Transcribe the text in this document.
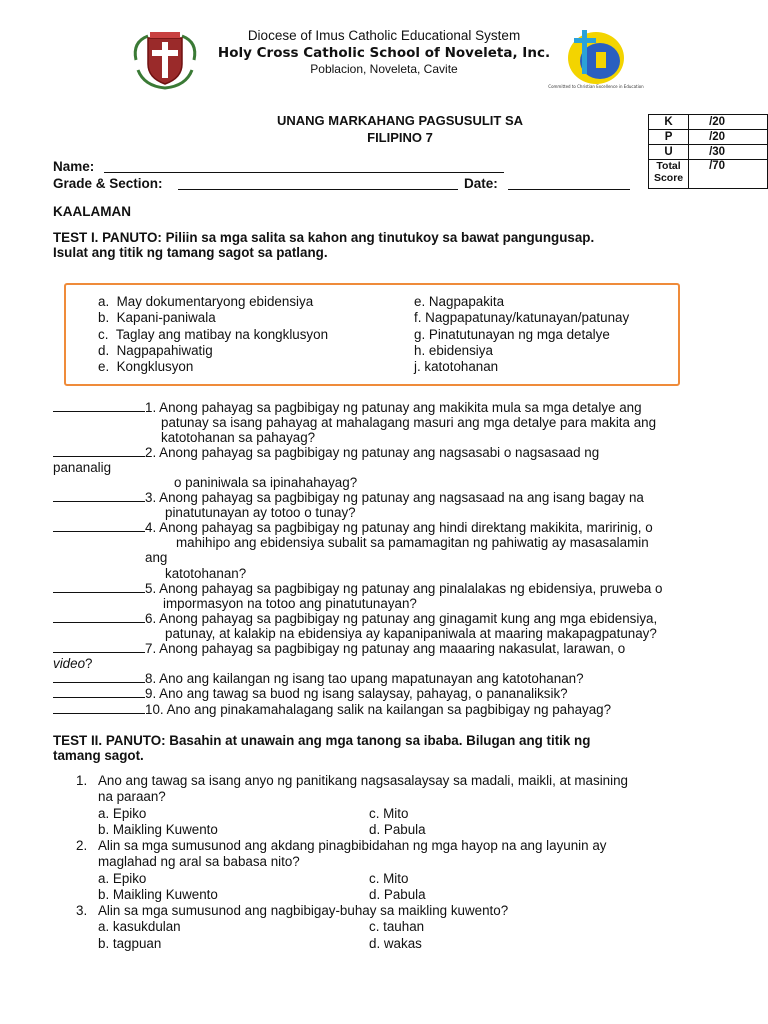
Committed to Christian Excellence in Education
Diocese of Imus Catholic Educational System
Holy Cross Catholic School of Noveleta, Inc.
Poblacion, Noveleta, Cavite
UNANG MARKAHANG PAGSUSULIT SA
FILIPINO 7
K	/20
P	/20
U	/30
Total Score	/70
Name:
Grade & Section:	Date:
KAALAMAN
TEST I. PANUTO: Piliin sa mga salita sa kahon ang tinutukoy sa bawat pangungusap.
Isulat ang titik ng tamang sagot sa patlang.
a. May dokumentaryong ebidensiya
b. Kapani-paniwala
c. Taglay ang matibay na kongklusyon
d. Nagpapahiwatig
e. Kongklusyon
e. Nagpapakita
f. Nagpapatunay/katunayan/patunay
g. Pinatutunayan ng mga detalye
h. ebidensiya
j. katotohanan
1. Anong pahayag sa pagbibigay ng patunay ang makikita mula sa mga detalye ang
patunay sa isang pahayag at mahalagang masuri ang mga detalye para makita ang
katotohanan sa pahayag?
2. Anong pahayag sa pagbibigay ng patunay ang nagsasabi o nagsasaad ng
pananalig
o paniniwala sa ipinahahayag?
3. Anong pahayag sa pagbibigay ng patunay ang nagsasaad na ang isang bagay na
pinatutunayan ay totoo o tunay?
4. Anong pahayag sa pagbibigay ng patunay ang hindi direktang makikita, maririnig, o
mahihipo ang ebidensiya subalit sa pamamagitan ng pahiwatig ay masasalamin
ang
katotohanan?
5. Anong pahayag sa pagbibigay ng patunay ang pinalalakas ng ebidensiya, pruweba o
impormasyon na totoo ang pinatutunayan?
6. Anong pahayag sa pagbibigay ng patunay ang ginagamit kung ang mga ebidensiya,
patunay, at kalakip na ebidensiya ay kapanipaniwala at maaring makapagpatunay?
7. Anong pahayag sa pagbibigay ng patunay ang maaaring nakasulat, larawan, o
video?
8. Ano ang kailangan ng isang tao upang mapatunayan ang katotohanan?
9. Ano ang tawag sa buod ng isang salaysay, pahayag, o pananaliksik?
10. Ano ang pinakamahalagang salik na kailangan sa pagbibigay ng pahayag?
TEST II. PANUTO: Basahin at unawain ang mga tanong sa ibaba. Bilugan ang titik ng
tamang sagot.
1. Ano ang tawag sa isang anyo ng panitikang nagsasalaysay sa madali, maikli, at masining
na paraan?
a. Epiko	c. Mito
b. Maikling Kuwento	d. Pabula
2. Alin sa mga sumusunod ang akdang pinagbibidahan ng mga hayop na ang layunin ay
maglahad ng aral sa babasa nito?
a. Epiko	c. Mito
b. Maikling Kuwento	d. Pabula
3. Alin sa mga sumusunod ang nagbibigay-buhay sa maikling kuwento?
a. kasukdulan	c. tauhan
b. tagpuan	d. wakas
